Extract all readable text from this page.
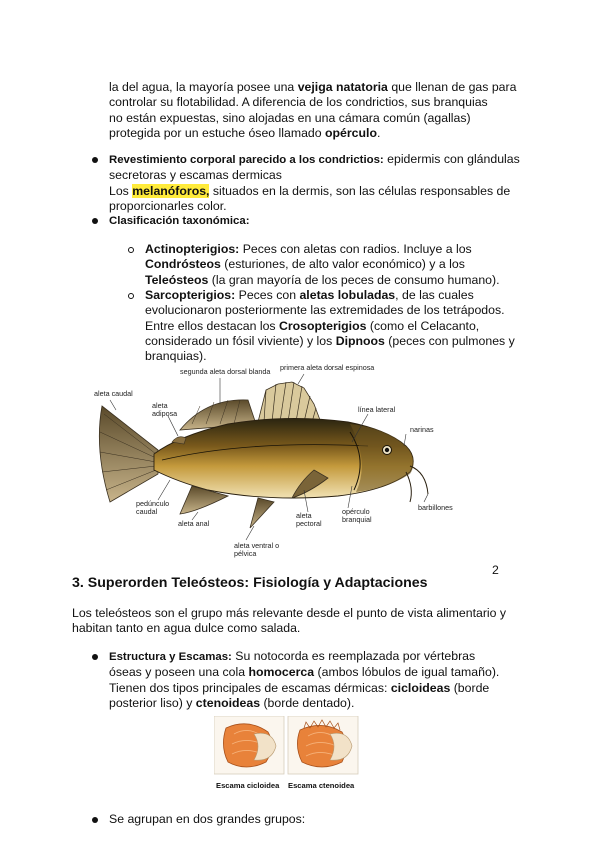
la del agua, la mayoría posee una vejiga natatoria que llenan de gas para

controlar su flotabilidad. A diferencia de los condrictios, sus branquias

no están expuestas, sino alojadas en una cámara común (agallas)

protegida por un estuche óseo llamado opérculo.

Revestimiento corporal parecido a los condrictios: epidermis con glándulas

secretoras y escamas dermicas

Los melanóforos, situados en la dermis, son las células responsables de

proporcionarles color.

Clasificación taxonómica:

Actinopterigios: Peces con aletas con radios. Incluye a los

Condrósteos (esturiones, de alto valor económico) y a los

Teleósteos (la gran mayoría de los peces de consumo humano).

Sarcopterigios: Peces con aletas lobuladas, de las cuales

evolucionaron posteriormente las extremidades de los tetrápodos.

Entre ellos destacan los Crosopterigios (como el Celacanto,

considerado un fósil viviente) y los Dipnoos (peces con pulmones y

branquias).

segunda aleta dorsal blanda primera aleta dorsal espinosa
aleta caudal
aleta
adiposa	línea lateral
narinas
pedúnculo
caudal
aleta anal
aleta
pectoral
opérculo
branquial
barbillones
aleta ventral o
pélvica
2
3. Superorden Teleósteos: Fisiología y Adaptaciones

Los teleósteos son el grupo más relevante desde el punto de vista alimentario y

habitan tanto en agua dulce como salada.

Estructura y Escamas: Su notocorda es reemplazada por vértebras

óseas y poseen una cola homocerca (ambos lóbulos de igual tamaño).

Tienen dos tipos principales de escamas dérmicas: cicloideas (borde

posterior liso) y ctenoideas (borde dentado).

Escama cicloidea Escama ctenoidea
Se agrupan en dos grandes grupos:
